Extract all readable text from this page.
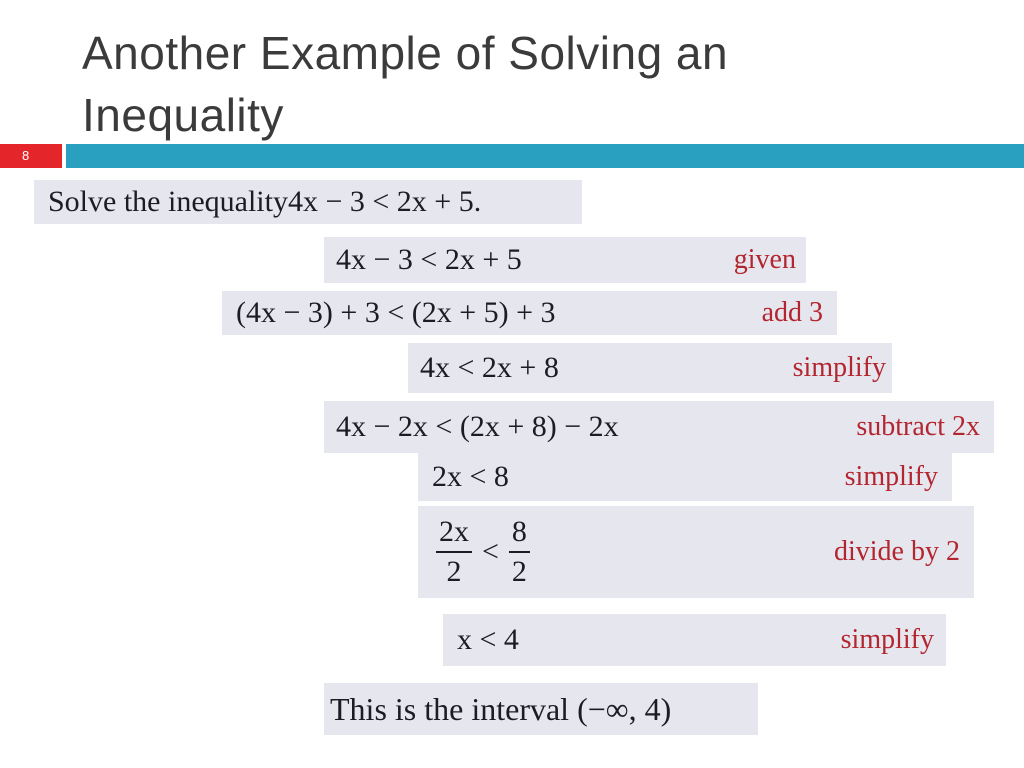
Another Example of Solving an
Inequality
8
Solve the inequality 4x − 3 < 2x + 5.
4x − 3 < 2x + 5	given
(4x − 3) + 3 < (2x + 5) + 3	add 3
4x < 2x + 8	simplify
4x − 2x < (2x + 8) − 2x	subtract 2x
2x < 8	simplify
$\frac{2x}{2} < \frac{8}{2}$	divide by 2
x < 4	simplify
This is the interval (−∞, 4)
